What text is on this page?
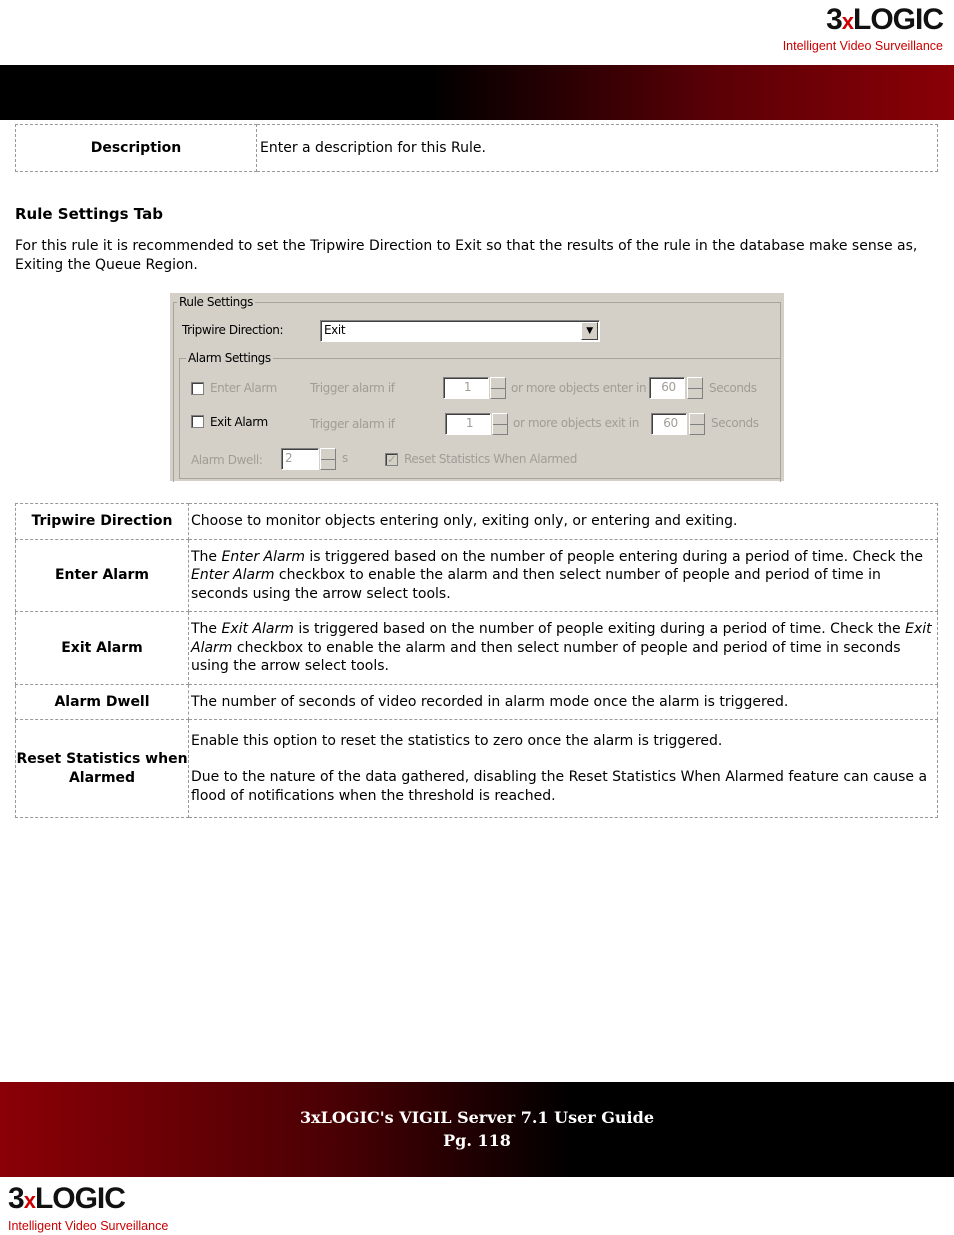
3xLOGIC
Intelligent Video Surveillance
Description	Enter a description for this Rule.
Rule Settings Tab
For this rule it is recommended to set the Tripwire Direction to Exit so that the results of the rule in the database make sense as, Exiting the Queue Region.
Rule Settings
Tripwire Direction:	Exit	▼
Alarm Settings
Enter Alarm	Trigger alarm if	1	or more objects enter in	60	Seconds
Exit Alarm	Trigger alarm if	1	or more objects exit in	60	Seconds
Alarm Dwell:	2	s	✓ Reset Statistics When Alarmed
Tripwire Direction	Choose to monitor objects entering only, exiting only, or entering and exiting.
Enter Alarm	The Enter Alarm is triggered based on the number of people entering during a period of time. Check the Enter Alarm checkbox to enable the alarm and then select number of people and period of time in seconds using the arrow select tools.
Exit Alarm	The Exit Alarm is triggered based on the number of people exiting during a period of time. Check the Exit Alarm checkbox to enable the alarm and then select number of people and period of time in seconds using the arrow select tools.
Alarm Dwell	The number of seconds of video recorded in alarm mode once the alarm is triggered.
Reset Statistics when Alarmed	Enable this option to reset the statistics to zero once the alarm is triggered.
Due to the nature of the data gathered, disabling the Reset Statistics When Alarmed feature can cause a flood of notifications when the threshold is reached.
3xLOGIC's VIGIL Server 7.1 User Guide
Pg. 118
3xLOGIC
Intelligent Video Surveillance
